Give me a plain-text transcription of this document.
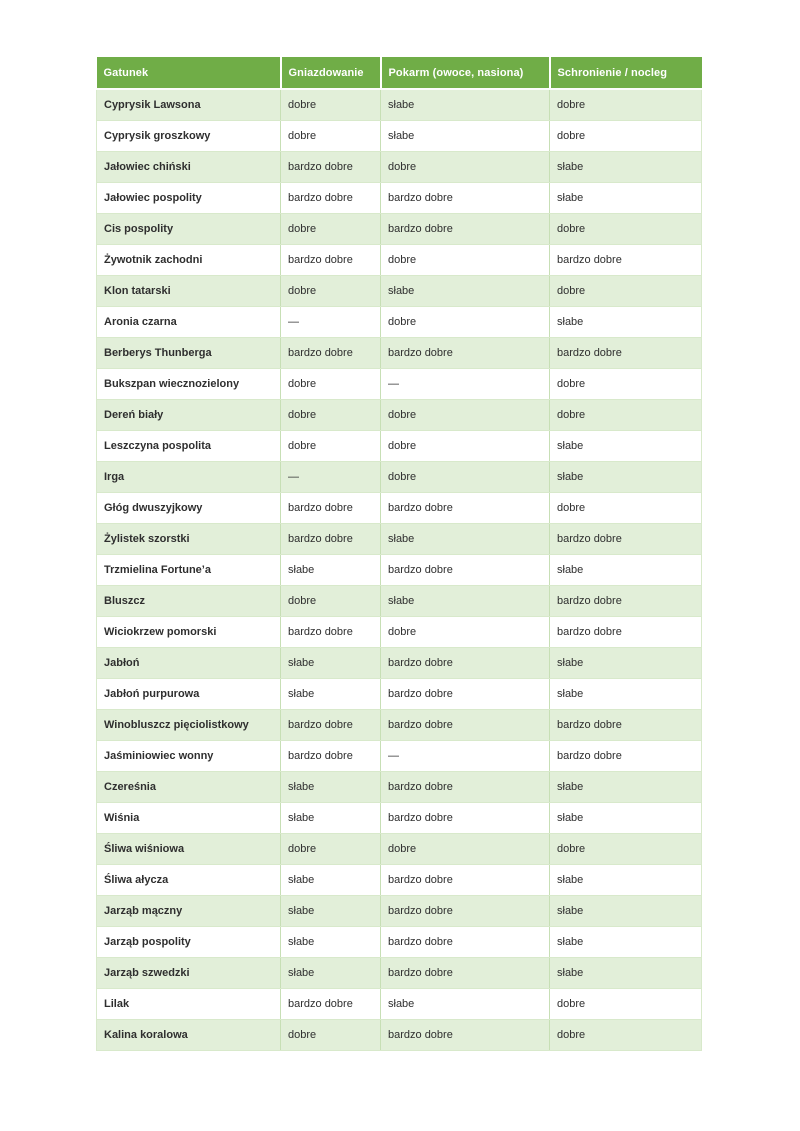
Gatunek	Gniazdowanie	Pokarm (owoce, nasiona)	Schronienie / nocleg
Cyprysik Lawsona	dobre	słabe	dobre
Cyprysik groszkowy	dobre	słabe	dobre
Jałowiec chiński	bardzo dobre	dobre	słabe
Jałowiec pospolity	bardzo dobre	bardzo dobre	słabe
Cis pospolity	dobre	bardzo dobre	dobre
Żywotnik zachodni	bardzo dobre	dobre	bardzo dobre
Klon tatarski	dobre	słabe	dobre
Aronia czarna	—	dobre	słabe
Berberys Thunberga	bardzo dobre	bardzo dobre	bardzo dobre
Bukszpan wiecznozielony	dobre	—	dobre
Dereń biały	dobre	dobre	dobre
Leszczyna pospolita	dobre	dobre	słabe
Irga	—	dobre	słabe
Głóg dwuszyjkowy	bardzo dobre	bardzo dobre	dobre
Żylistek szorstki	bardzo dobre	słabe	bardzo dobre
Trzmielina Fortune’a	słabe	bardzo dobre	słabe
Bluszcz	dobre	słabe	bardzo dobre
Wiciokrzew pomorski	bardzo dobre	dobre	bardzo dobre
Jabłoń	słabe	bardzo dobre	słabe
Jabłoń purpurowa	słabe	bardzo dobre	słabe
Winobluszcz pięciolistkowy	bardzo dobre	bardzo dobre	bardzo dobre
Jaśminiowiec wonny	bardzo dobre	—	bardzo dobre
Czereśnia	słabe	bardzo dobre	słabe
Wiśnia	słabe	bardzo dobre	słabe
Śliwa wiśniowa	dobre	dobre	dobre
Śliwa ałycza	słabe	bardzo dobre	słabe
Jarząb mączny	słabe	bardzo dobre	słabe
Jarząb pospolity	słabe	bardzo dobre	słabe
Jarząb szwedzki	słabe	bardzo dobre	słabe
Lilak	bardzo dobre	słabe	dobre
Kalina koralowa	dobre	bardzo dobre	dobre
